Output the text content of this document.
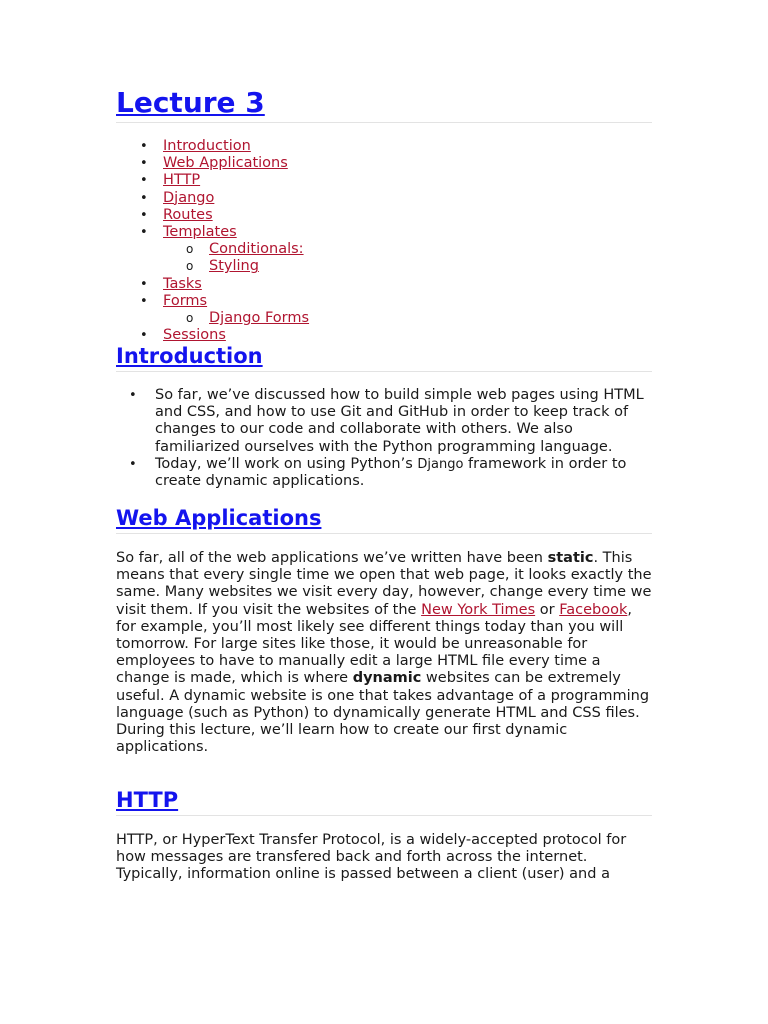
Lecture 3
• Introduction
• Web Applications
• HTTP
• Django
• Routes
• Templates
o Conditionals:
o Styling
• Tasks
• Forms
o Django Forms
• Sessions
Introduction
• So far, we’ve discussed how to build simple web pages using HTML and CSS, and how to use Git and GitHub in order to keep track of changes to our code and collaborate with others. We also familiarized ourselves with the Python programming language.
• Today, we’ll work on using Python’s Django framework in order to create dynamic applications.
Web Applications

So far, all of the web applications we’ve written have been static. This means that every single time we open that web page, it looks exactly the same. Many websites we visit every day, however, change every time we visit them. If you visit the websites of the New York Times or Facebook, for example, you’ll most likely see different things today than you will tomorrow. For large sites like those, it would be unreasonable for employees to have to manually edit a large HTML file every time a change is made, which is where dynamic websites can be extremely useful. A dynamic website is one that takes advantage of a programming language (such as Python) to dynamically generate HTML and CSS files. During this lecture, we’ll learn how to create our first dynamic applications.

HTTP

HTTP, or HyperText Transfer Protocol, is a widely-accepted protocol for how messages are transfered back and forth across the internet. Typically, information online is passed between a client (user) and a
